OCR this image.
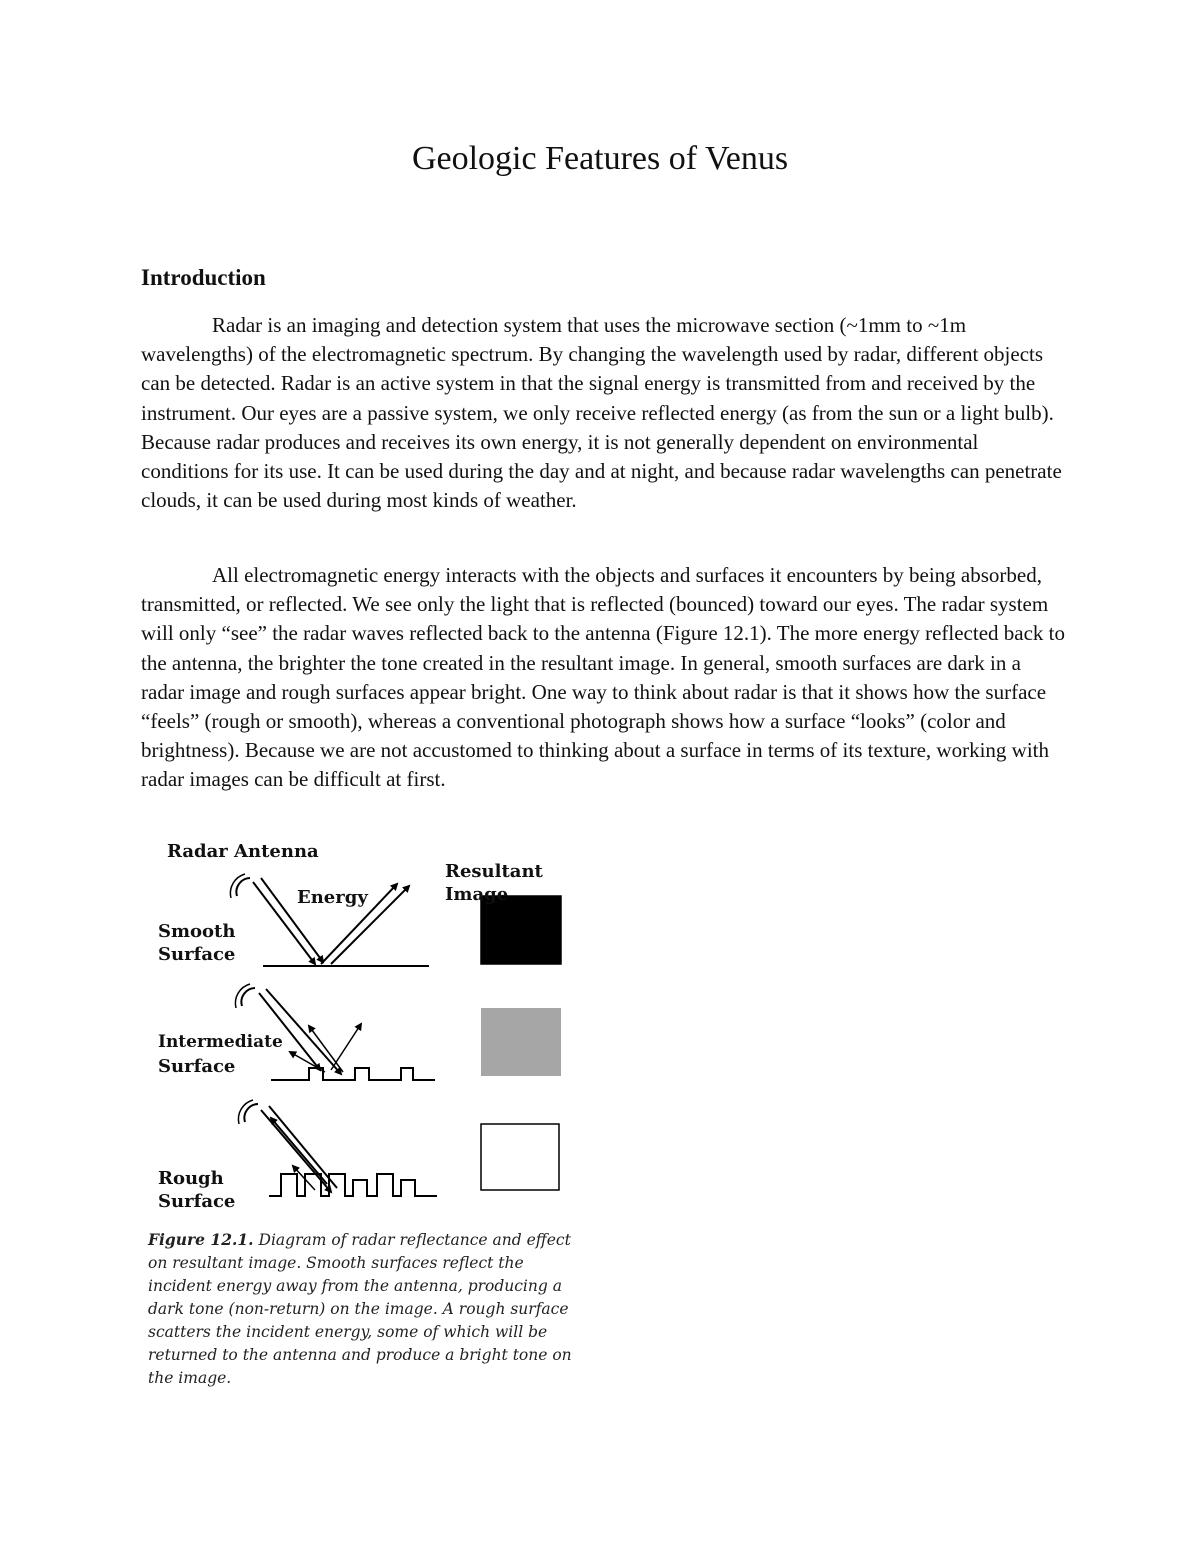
Geologic Features of Venus
Introduction

Radar is an imaging and detection system that uses the microwave section (~1mm to ~1m wavelengths) of the electromagnetic spectrum. By changing the wavelength used by radar, different objects can be detected. Radar is an active system in that the signal energy is transmitted from and received by the instrument. Our eyes are a passive system, we only receive reflected energy (as from the sun or a light bulb). Because radar produces and receives its own energy, it is not generally dependent on environmental conditions for its use. It can be used during the day and at night, and because radar wavelengths can penetrate clouds, it can be used during most kinds of weather.

All electromagnetic energy interacts with the objects and surfaces it encounters by being absorbed, transmitted, or reflected. We see only the light that is reflected (bounced) toward our eyes. The radar system will only “see” the radar waves reflected back to the antenna (Figure 12.1). The more energy reflected back to the antenna, the brighter the tone created in the resultant image. In general, smooth surfaces are dark in a radar image and rough surfaces appear bright. One way to think about radar is that it shows how the surface “feels” (rough or smooth), whereas a conventional photograph shows how a surface “looks” (color and brightness). Because we are not accustomed to thinking about a surface in terms of its texture, working with radar images can be difficult at first.

Radar Antenna
Resultant Image
Energy
Smooth
Surface
Intermediate
Surface
Rough
Surface
Figure 12.1. Diagram of radar reflectance and effect on resultant image. Smooth surfaces reflect the incident energy away from the antenna, producing a dark tone (non-return) on the image. A rough surface scatters the incident energy, some of which will be returned to the antenna and produce a bright tone on the image.
